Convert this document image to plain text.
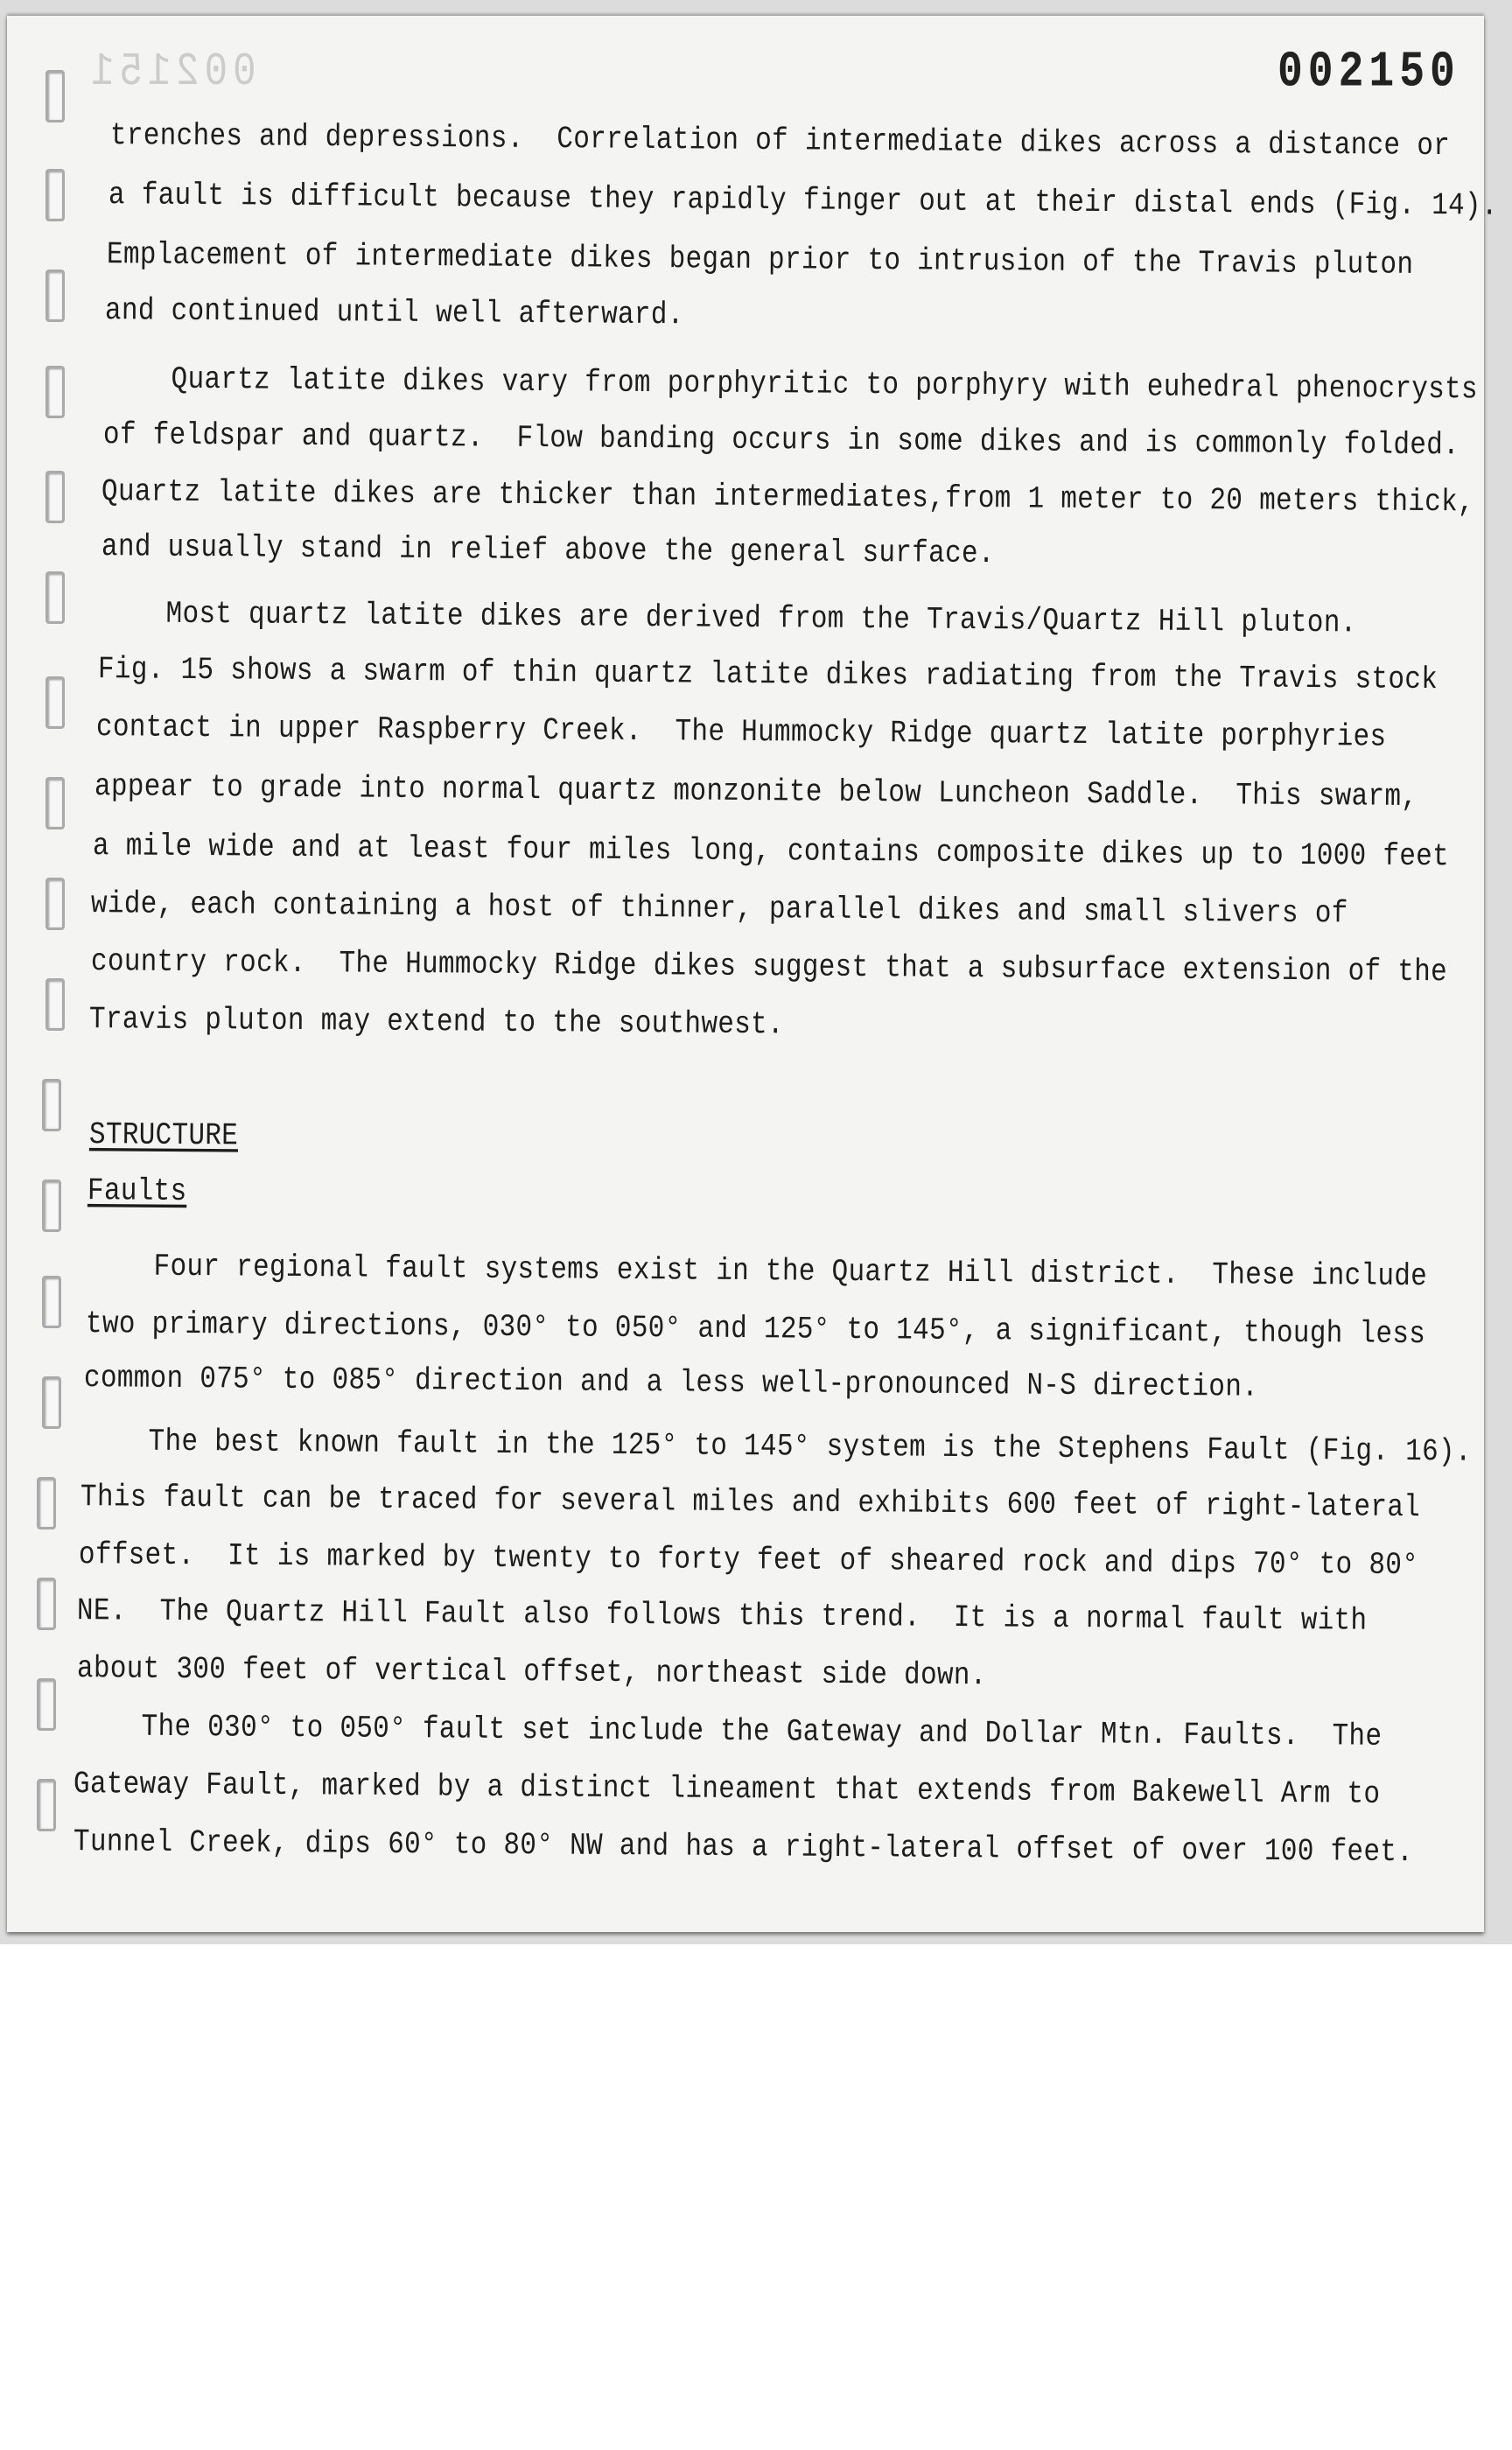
002151	002150
trenches and depressions.  Correlation of intermediate dikes across a distance or
a fault is difficult because they rapidly finger out at their distal ends (Fig. 14).
Emplacement of intermediate dikes began prior to intrusion of the Travis pluton
and continued until well afterward.
Quartz latite dikes vary from porphyritic to porphyry with euhedral phenocrysts
of feldspar and quartz.  Flow banding occurs in some dikes and is commonly folded.
Quartz latite dikes are thicker than intermediates,from 1 meter to 20 meters thick,
and usually stand in relief above the general surface.
Most quartz latite dikes are derived from the Travis/Quartz Hill pluton.
Fig. 15 shows a swarm of thin quartz latite dikes radiating from the Travis stock
contact in upper Raspberry Creek.  The Hummocky Ridge quartz latite porphyries
appear to grade into normal quartz monzonite below Luncheon Saddle.  This swarm,
a mile wide and at least four miles long, contains composite dikes up to 1000 feet
wide, each containing a host of thinner, parallel dikes and small slivers of
country rock.  The Hummocky Ridge dikes suggest that a subsurface extension of the
Travis pluton may extend to the southwest.
STRUCTURE
Faults
Four regional fault systems exist in the Quartz Hill district.  These include
two primary directions, 030° to 050° and 125° to 145°, a significant, though less
common 075° to 085° direction and a less well-pronounced N-S direction.
The best known fault in the 125° to 145° system is the Stephens Fault (Fig. 16).
This fault can be traced for several miles and exhibits 600 feet of right-lateral
offset.  It is marked by twenty to forty feet of sheared rock and dips 70° to 80°
NE.  The Quartz Hill Fault also follows this trend.  It is a normal fault with
about 300 feet of vertical offset, northeast side down.
The 030° to 050° fault set include the Gateway and Dollar Mtn. Faults.  The
Gateway Fault, marked by a distinct lineament that extends from Bakewell Arm to
Tunnel Creek, dips 60° to 80° NW and has a right-lateral offset of over 100 feet.
